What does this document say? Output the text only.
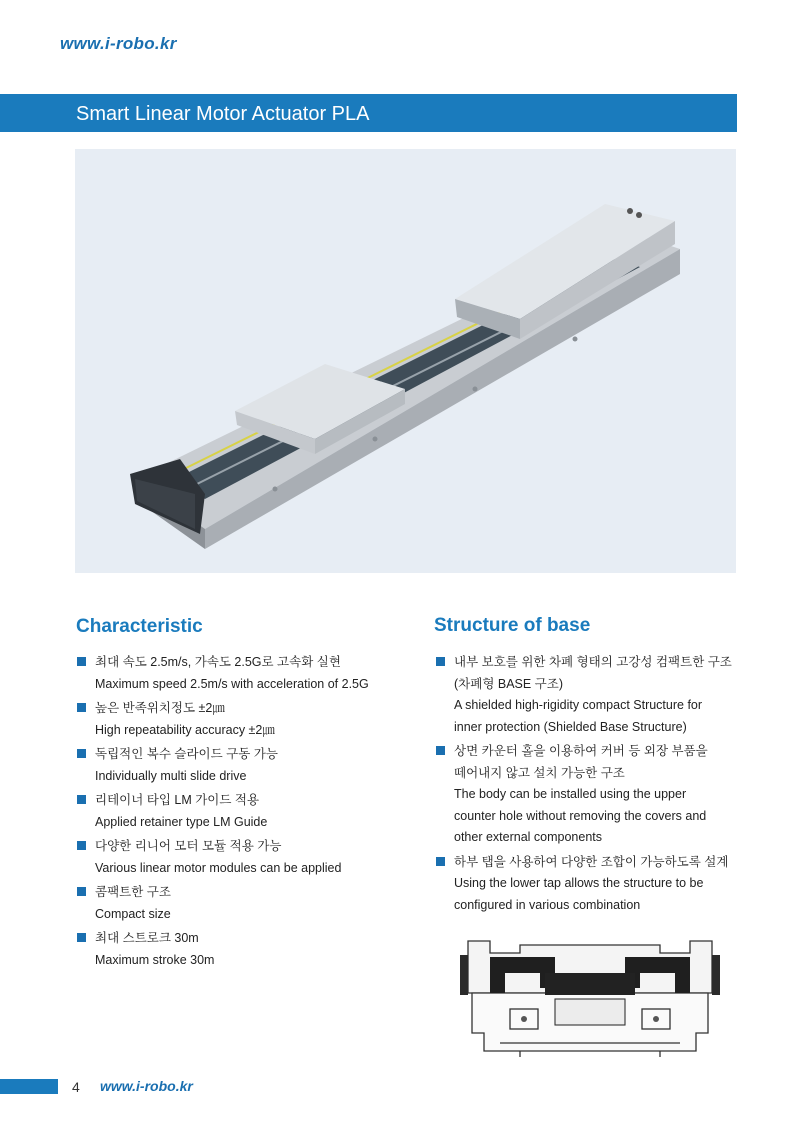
www.i-robo.kr
Smart Linear Motor Actuator PLA
Characteristic	Structure of base
최대 속도 2.5m/s, 가속도 2.5G로 고속화 실현
Maximum speed 2.5m/s with acceleration of 2.5G
높은 반족위치정도 ±2㎛
High repeatability accuracy ±2㎛
독립적인 복수 슬라이드 구동 가능
Individually multi slide drive
리테이너 타입 LM 가이드 적용
Applied retainer type LM Guide
다양한 리니어 모터 모듈 적용 가능
Various linear motor modules can be applied
콤팩트한 구조
Compact size
최대 스트로크 30m
Maximum stroke 30m
내부 보호를 위한 차폐 형태의 고강성 컴팩트한 구조
(차폐형 BASE 구조)
A shielded high-rigidity compact Structure for
inner protection (Shielded Base Structure)
상면 카운터 홀을 이용하여 커버 등 외장 부품을
떼어내지 않고 설치 가능한 구조
The body can be installed using the upper
counter hole without removing the covers and
other external components
하부 탭을 사용하여 다양한 조합이 가능하도록 설계
Using the lower tap allows the structure to be
configured in various combination
4 www.i-robo.kr
